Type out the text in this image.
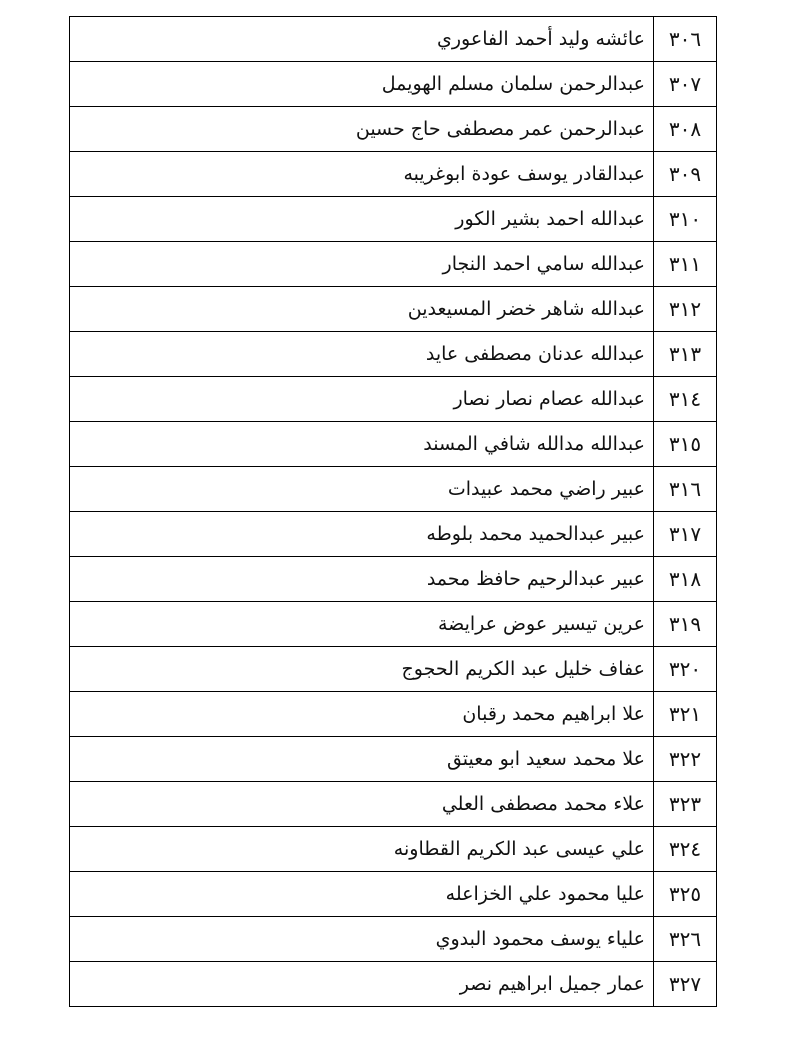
٣٠٦	عائشه وليد أحمد الفاعوري
٣٠٧	عبدالرحمن سلمان مسلم الهويمل
٣٠٨	عبدالرحمن عمر مصطفى حاج حسين
٣٠٩	عبدالقادر يوسف عودة ابوغريبه
٣١٠	عبدالله احمد بشير الكور
٣١١	عبدالله سامي احمد النجار
٣١٢	عبدالله شاهر خضر المسيعدين
٣١٣	عبدالله عدنان مصطفى عايد
٣١٤	عبدالله عصام نصار نصار
٣١٥	عبدالله مدالله شافي المسند
٣١٦	عبير راضي محمد عبيدات
٣١٧	عبير عبدالحميد محمد بلوطه
٣١٨	عبير عبدالرحيم حافظ محمد
٣١٩	عرين تيسير عوض عرايضة
٣٢٠	عفاف خليل عبد الكريم الحجوج
٣٢١	علا ابراهيم محمد رقبان
٣٢٢	علا محمد سعيد ابو معيتق
٣٢٣	علاء محمد مصطفى العلي
٣٢٤	علي عيسى عبد الكريم القطاونه
٣٢٥	عليا محمود علي الخزاعله
٣٢٦	علياء يوسف محمود البدوي
٣٢٧	عمار جميل ابراهيم نصر
